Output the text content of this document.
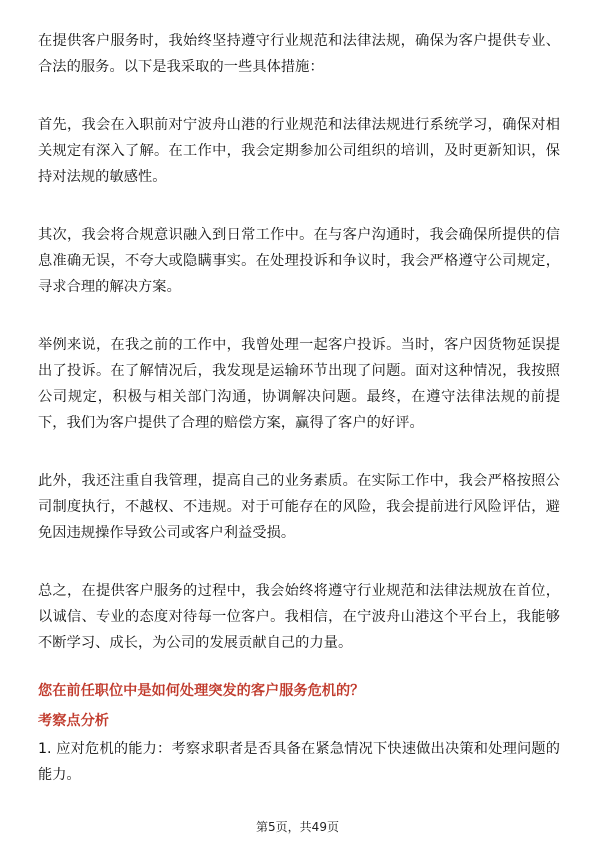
在提供客户服务时，我始终坚持遵守行业规范和法律法规，确保为客户提供专业、合法的服务。以下是我采取的一些具体措施：

首先，我会在入职前对宁波舟山港的行业规范和法律法规进行系统学习，确保对相关规定有深入了解。在工作中，我会定期参加公司组织的培训，及时更新知识，保持对法规的敏感性。

其次，我会将合规意识融入到日常工作中。在与客户沟通时，我会确保所提供的信息准确无误，不夸大或隐瞒事实。在处理投诉和争议时，我会严格遵守公司规定，寻求合理的解决方案。

举例来说，在我之前的工作中，我曾处理一起客户投诉。当时，客户因货物延误提出了投诉。在了解情况后，我发现是运输环节出现了问题。面对这种情况，我按照公司规定，积极与相关部门沟通，协调解决问题。最终，在遵守法律法规的前提下，我们为客户提供了合理的赔偿方案，赢得了客户的好评。

此外，我还注重自我管理，提高自己的业务素质。在实际工作中，我会严格按照公司制度执行，不越权、不违规。对于可能存在的风险，我会提前进行风险评估，避免因违规操作导致公司或客户利益受损。

总之，在提供客户服务的过程中，我会始终将遵守行业规范和法律法规放在首位，以诚信、专业的态度对待每一位客户。我相信，在宁波舟山港这个平台上，我能够不断学习、成长，为公司的发展贡献自己的力量。

您在前任职位中是如何处理突发的客户服务危机的？
考察点分析

1. 应对危机的能力：考察求职者是否具备在紧急情况下快速做出决策和处理问题的能力。

第5页，共49页
